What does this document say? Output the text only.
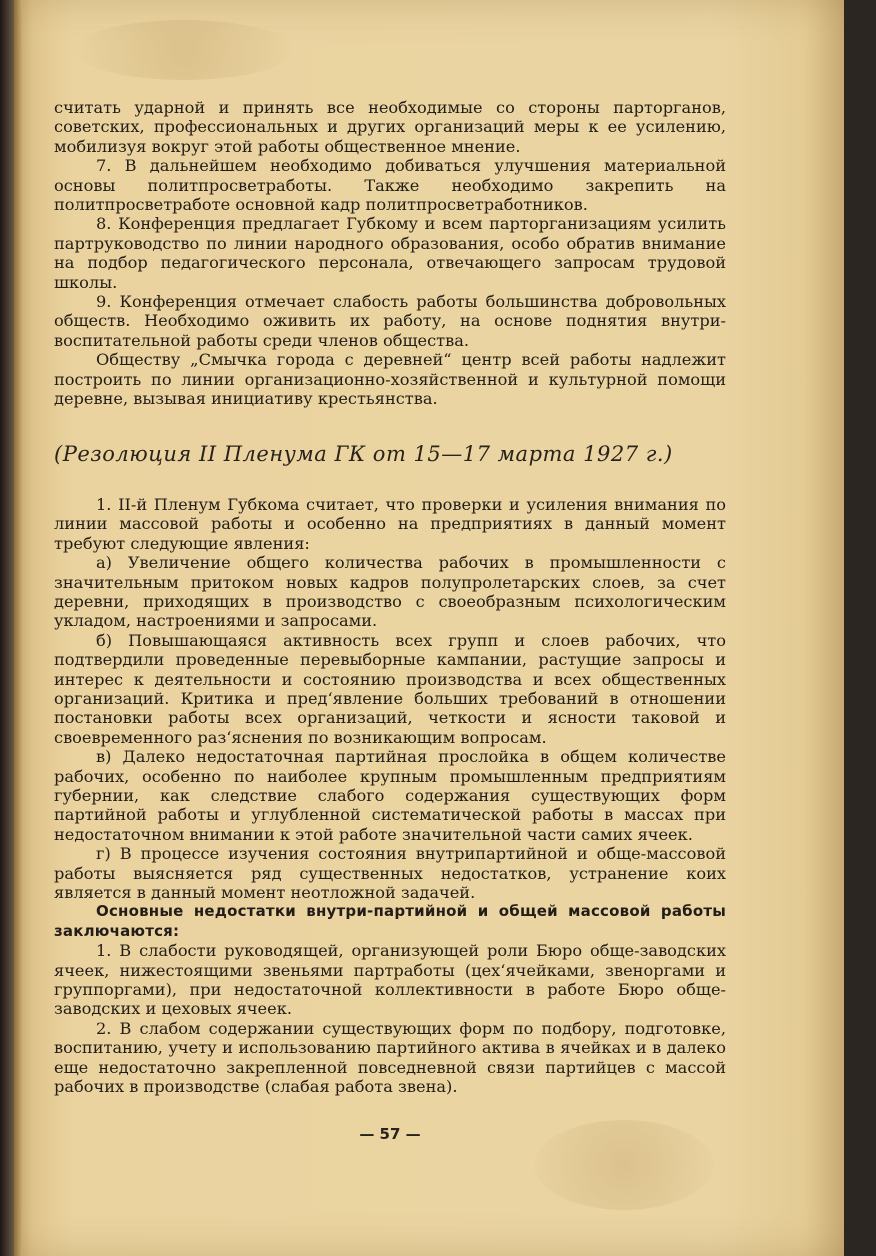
считать ударной и принять все необходимые со стороны парторганов, советских, профессиональных и других организаций меры к ее усилению, мобилизуя вокруг этой работы общественное мнение.

7. В дальнейшем необходимо добиваться улучшения материальной основы политпросветработы. Также необходимо закрепить на политпросветработе основной кадр политпросветработников.

8. Конференция предлагает Губкому и всем парторганизациям усилить партруководство по линии народного образования, особо обратив внимание на подбор педагогического персонала, отвечающего запросам трудовой школы.

9. Конференция отмечает слабость работы большинства добровольных обществ. Необходимо оживить их работу, на основе поднятия внутри-воспитательной работы среди членов общества.

Обществу „Смычка города с деревней“ центр всей работы надлежит построить по линии организационно-хозяйственной и культурной помощи деревне, вызывая инициативу крестьянства.

(Резолюция II Пленума ГК от 15—17 марта 1927 г.)

1. II-й Пленум Губкома считает, что проверки и усиления внимания по линии массовой работы и особенно на предприятиях в данный момент требуют следующие явления:

а) Увеличение общего количества рабочих в промышленности с значительным притоком новых кадров полупролетарских слоев, за счет деревни, приходящих в производство с своеобразным психологическим укладом, настроениями и запросами.

б) Повышающаяся активность всех групп и слоев рабочих, что подтвердили проведенные перевыборные кампании, растущие запросы и интерес к деятельности и состоянию производства и всех общественных организаций. Критика и пред‘явление больших требований в отношении постановки работы всех организаций, четкости и ясности таковой и своевременного раз‘яснения по возникающим вопросам.

в) Далеко недостаточная партийная прослойка в общем количестве рабочих, особенно по наиболее крупным промышленным предприятиям губернии, как следствие слабого содержания существующих форм партийной работы и углубленной систематической работы в массах при недостаточном внимании к этой работе значительной части самих ячеек.

г) В процессе изучения состояния внутрипартийной и обще-массовой работы выясняется ряд существенных недостатков, устранение коих является в данный момент неотложной задачей.

Основные недостатки внутри-партийной и общей массовой работы заключаются:

1. В слабости руководящей, организующей роли Бюро обще-заводских ячеек, нижестоящими звеньями партработы (цех‘ячейками, звеноргами и группоргами), при недостаточной коллективности в работе Бюро обще-заводских и цеховых ячеек.

2. В слабом содержании существующих форм по подбору, подготовке, воспитанию, учету и использованию партийного актива в ячейках и в далеко еще недостаточно закрепленной повседневной связи партийцев с массой рабочих в производстве (слабая работа звена).

— 57 —
